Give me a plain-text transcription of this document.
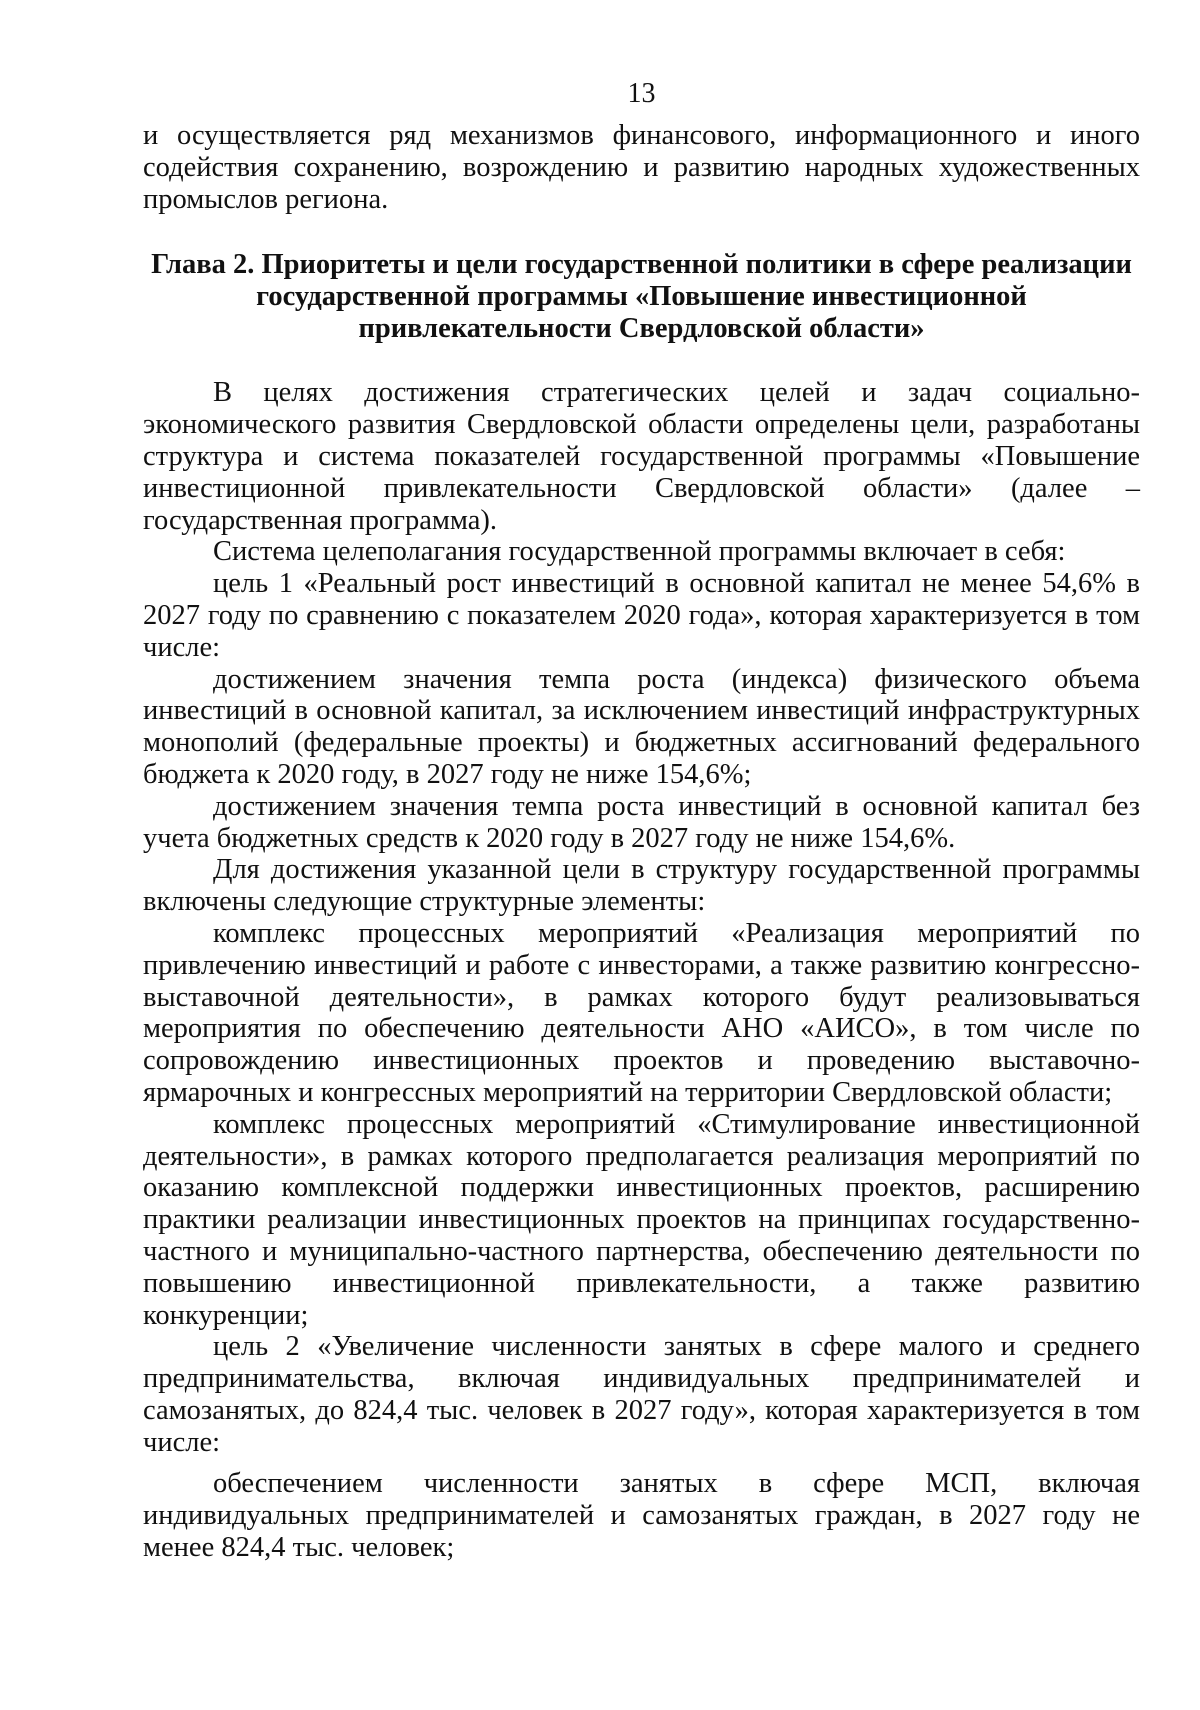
13

и осуществляется ряд механизмов финансового, информационного и иного содействия сохранению, возрождению и развитию народных художественных промыслов региона.

Глава 2. Приоритеты и цели государственной политики в сфере реализации
государственной программы «Повышение инвестиционной
привлекательности Свердловской области»

В целях достижения стратегических целей и задач социально-экономического развития Свердловской области определены цели, разработаны структура и система показателей государственной программы «Повышение инвестиционной привлекательности Свердловской области» (далее – государственная программа).

Система целеполагания государственной программы включает в себя:

цель 1 «Реальный рост инвестиций в основной капитал не менее 54,6% в 2027 году по сравнению с показателем 2020 года», которая характеризуется в том числе:

достижением значения темпа роста (индекса) физического объема инвестиций в основной капитал, за исключением инвестиций инфраструктурных монополий (федеральные проекты) и бюджетных ассигнований федерального бюджета к 2020 году, в 2027 году не ниже 154,6%;

достижением значения темпа роста инвестиций в основной капитал без учета бюджетных средств к 2020 году в 2027 году не ниже 154,6%.

Для достижения указанной цели в структуру государственной программы включены следующие структурные элементы:

комплекс процессных мероприятий «Реализация мероприятий по привлечению инвестиций и работе с инвесторами, а также развитию конгрессно-выставочной деятельности», в рамках которого будут реализовываться мероприятия по обеспечению деятельности АНО «АИСО», в том числе по сопровождению инвестиционных проектов и проведению выставочно-ярмарочных и конгрессных мероприятий на территории Свердловской области;

комплекс процессных мероприятий «Стимулирование инвестиционной деятельности», в рамках которого предполагается реализация мероприятий по оказанию комплексной поддержки инвестиционных проектов, расширению практики реализации инвестиционных проектов на принципах государственно-частного и муниципально-частного партнерства, обеспечению деятельности по повышению инвестиционной привлекательности, а также развитию конкуренции;

цель 2 «Увеличение численности занятых в сфере малого и среднего предпринимательства, включая индивидуальных предпринимателей и самозанятых, до 824,4 тыс. человек в 2027 году», которая характеризуется в том числе:

обеспечением численности занятых в сфере МСП, включая индивидуальных предпринимателей и самозанятых граждан, в 2027 году не менее 824,4 тыс. человек;
